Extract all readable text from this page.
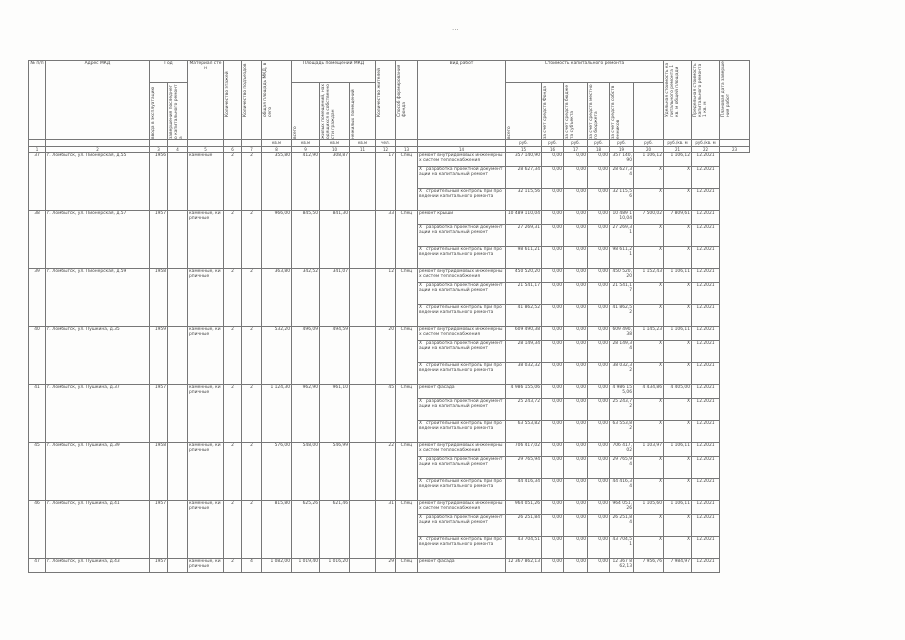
...
№ п/п	Адрес МКД	Год		Материал стен	Количество этажей	Количество подъездов	общая площадь МКД, всего	Площадь помещений МКД			Количество жителей	Способ формирования фонда	Вид работ	Стоимость капитального ремонта						Удельная стоимость капитального ремонта 1 кв. м общей площади	Предельная стоимость капитального ремонта 1 кв. м	Плановая дата завершения работ

		ввода в эксплуатацию	завершения последнего капитального ремонта					всего	жилых помещений, находящихся в собственности граждан	нежилых помещений				всего	за счет средств Фонда	за счет средств бюджета субъекта	за счет средств местного бюджета	за счет средств собственников				

							кв.м	кв.м	кв.м	кв.м	чел.			руб.	руб.	руб.	руб.	руб.	руб.	руб./кв. м	руб./кв. м	
1	2	3	4	5	6	7	8	9	10	11	12	13	14	15	16	17	18	19	20	21	22	23
37	г. Ломбыгск, ул. Пионерская, д.55	1956		каменные	2	2	355,80	412,90	308,87		17	Спец	ремонт внутридомовых инженерных систем теплоснабжения	357 140,90	0,00	0,00	0,00	357 140,90	1 106,12	1 106,12	12.2021	
													X разработка проектной документации на капитальный ремонт	28 627,34	0,00	0,00	0,00	28 627,34	X	X	12.2021	
													X строительный контроль при проведении капитального ремонта	32 115,56	0,00	0,00	0,00	32 115,56	X	X	12.2021	
38	г. Ломбыгск, ул. Пионерская, д.57	1957		каменные, кирпичные	2	2	966,00	845,50	841,30		33	Спец	ремонт крыши	10 489 110,04	0,00	0,00	0,00	10 489 110,04	7 500,02	7 809,61	12.2021	
													X разработка проектной документации на капитальный ремонт	27 269,31	0,00	0,00	0,00	27 269,31	X	X	12.2021	
													X строительный контроль при проведении капитального ремонта	98 611,21	0,00	0,00	0,00	98 611,21	X	X	12.2021	
39	г. Ломбыгск, ул. Пионерская, д.59	1958		каменные, кирпичные	2	2	363,80	342,52	341,07		12	Спец	ремонт внутридомовых инженерных систем теплоснабжения	450 520,20	0,00	0,00	0,00	450 520,20	1 152,43	1 106,11	12.2021	
													X разработка проектной документации на капитальный ремонт	21 541,17	0,00	0,00	0,00	21 541,17	X	X	12.2021	
													X строительный контроль при проведении капитального ремонта	41 862,52	0,00	0,00	0,00	41 862,52	X	X	12.2021	
40	г. Ломбыгск, ул. Пушкина, д.35	1959		каменные, кирпичные	2	2	532,20	496,09	494,59		20	Спец	ремонт внутридомовых инженерных систем теплоснабжения	609 490,38	0,00	0,00	0,00	609 490,38	1 145,23	1 106,11	12.2021	
													X разработка проектной документации на капитальный ремонт	28 149,34	0,00	0,00	0,00	28 149,34	X	X	12.2021	
													X строительный контроль при проведении капитального ремонта	38 032,32	0,00	0,00	0,00	38 032,32	X	X	12.2021	
41	г. Ломбыгск, ул. Пушкина, д.37	1957		каменные, кирпичные	2	2	1 124,30	962,90	961,10		45	Спец	ремонт фасада	4 986 155,06	0,00	0,00	0,00	4 986 155,06	4 434,86	4 405,00	12.2021	
													X разработка проектной документации на капитальный ремонт	25 243,72	0,00	0,00	0,00	25 243,72	X	X	12.2021	
													X строительный контроль при проведении капитального ремонта	63 553,82	0,00	0,00	0,00	63 553,82	X	X	12.2021	
45	г. Ломбыгск, ул. Пушкина, д.39	1958		каменные, кирпичные	2	2	576,00	548,00	546,99		22	Спец	ремонт внутридомовых инженерных систем теплоснабжения	706 417,02	0,00	0,00	0,00	706 417,02	1 103,97	1 106,11	12.2021	
													X разработка проектной документации на капитальный ремонт	29 765,94	0,00	0,00	0,00	29 765,94	X	X	12.2021	
													X строительный контроль при проведении капитального ремонта	44 416,34	0,00	0,00	0,00	44 416,34	X	X	12.2021	
46	г. Ломбыгск, ул. Пушкина, д.41	1957		каменные, кирпичные	2	2	815,80	625,26	621,46		31	Спец	ремонт внутридомовых инженерных систем теплоснабжения	964 051,26	0,00	0,00	0,00	964 051,26	1 105,60	1 106,11	12.2021	
													X разработка проектной документации на капитальный ремонт	26 251,84	0,00	0,00	0,00	26 251,84	X	X	12.2021	
													X строительный контроль при проведении капитального ремонта	43 704,51	0,00	0,00	0,00	43 704,51	X	X	12.2021	
47	г. Ломбыгск, ул. Пушкина, д.43	1957		каменные, кирпичные	2	4	1 082,00	1 019,40	1 016,20		29	Спец	ремонт фасада	12 367 862,13	0,00	0,00	0,00	12 367 862,13	7 956,76	7 984,97	12.2021	
